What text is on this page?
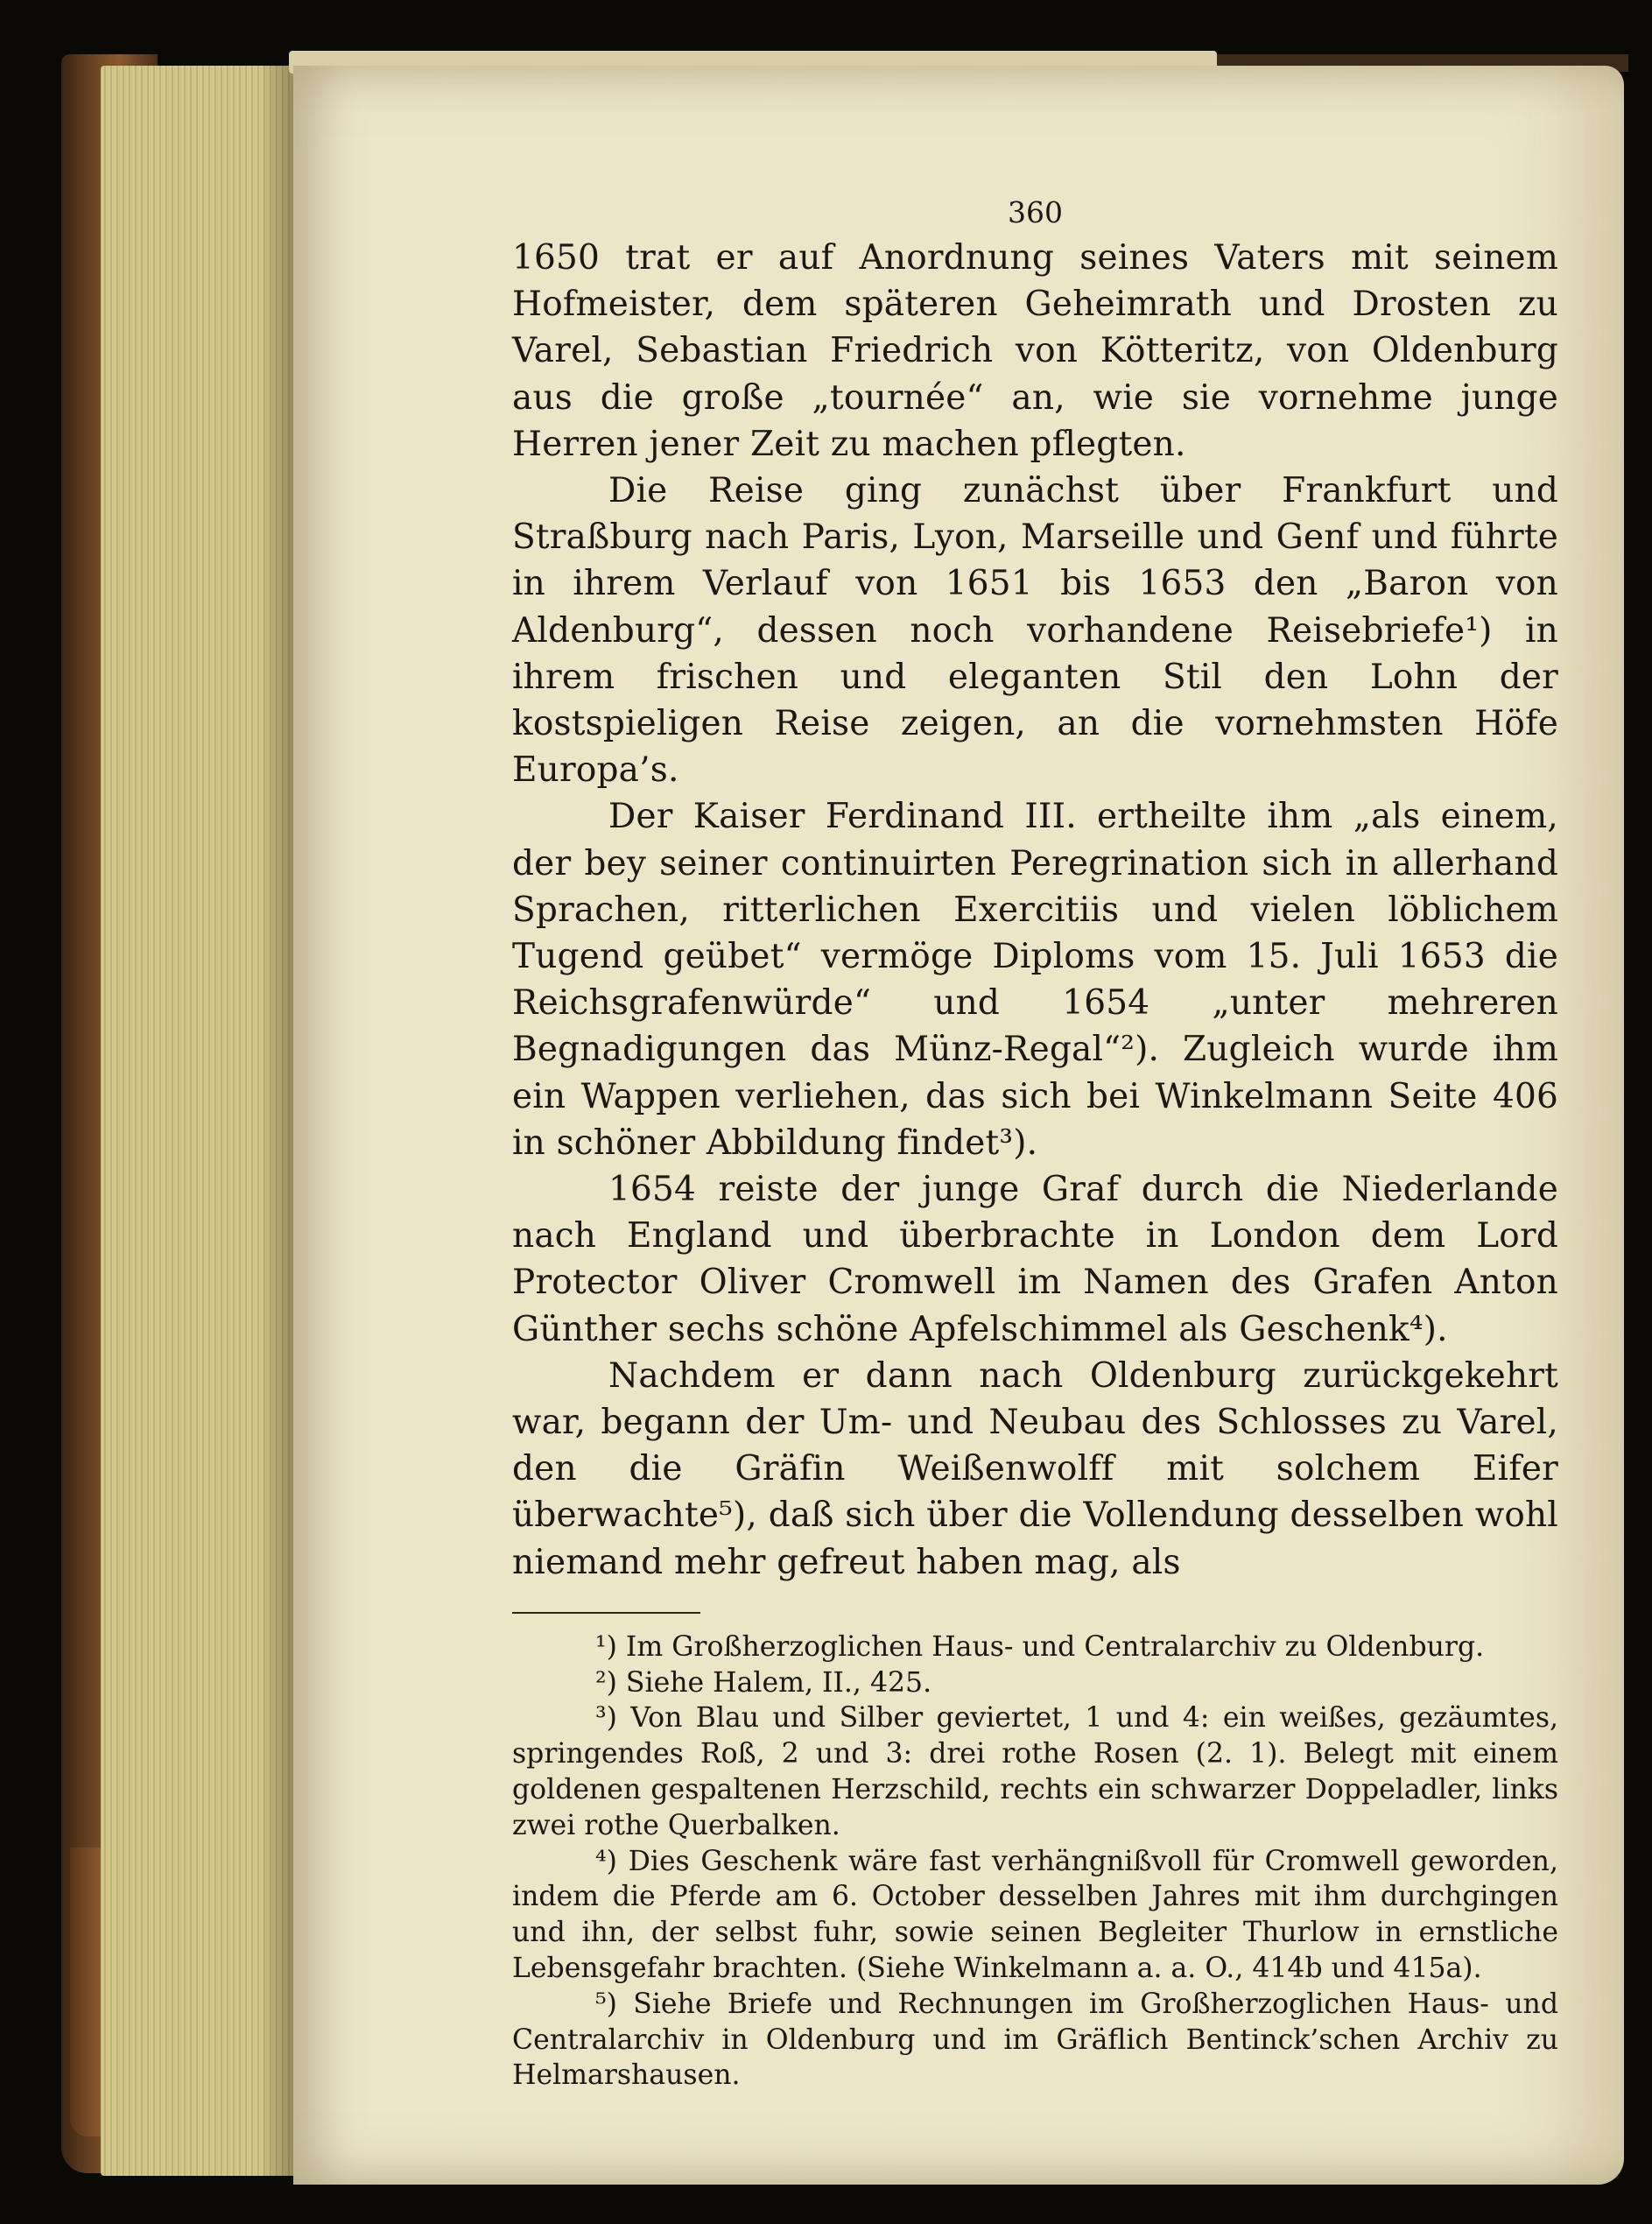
360

1650 trat er auf Anordnung seines Vaters mit seinem Hofmeister, dem späteren Geheimrath und Drosten zu Varel, Sebastian Friedrich von Kötteritz, von Oldenburg aus die große „tournée“ an, wie sie vornehme junge Herren jener Zeit zu machen pflegten.

Die Reise ging zunächst über Frankfurt und Straßburg nach Paris, Lyon, Marseille und Genf und führte in ihrem Verlauf von 1651 bis 1653 den „Baron von Aldenburg“, dessen noch vorhandene Reisebriefe¹) in ihrem frischen und eleganten Stil den Lohn der kostspieligen Reise zeigen, an die vornehmsten Höfe Europa’s.

Der Kaiser Ferdinand III. ertheilte ihm „als einem, der bey seiner continuirten Peregrination sich in allerhand Sprachen, ritterlichen Exercitiis und vielen löblichem Tugend geübet“ vermöge Diploms vom 15. Juli 1653 die Reichsgrafenwürde“ und 1654 „unter mehreren Begnadigungen das Münz-Regal“²). Zugleich wurde ihm ein Wappen verliehen, das sich bei Winkelmann Seite 406 in schöner Abbildung findet³).

1654 reiste der junge Graf durch die Niederlande nach England und überbrachte in London dem Lord Protector Oliver Cromwell im Namen des Grafen Anton Günther sechs schöne Apfelschimmel als Geschenk⁴).

Nachdem er dann nach Oldenburg zurückgekehrt war, begann der Um- und Neubau des Schlosses zu Varel, den die Gräfin Weißenwolff mit solchem Eifer überwachte⁵), daß sich über die Vollendung desselben wohl niemand mehr gefreut haben mag, als

¹) Im Großherzoglichen Haus- und Centralarchiv zu Oldenburg.

²) Siehe Halem, II., 425.

³) Von Blau und Silber geviertet, 1 und 4: ein weißes, gezäumtes, springendes Roß, 2 und 3: drei rothe Rosen (2. 1). Belegt mit einem goldenen gespaltenen Herzschild, rechts ein schwarzer Doppeladler, links zwei rothe Querbalken.

⁴) Dies Geschenk wäre fast verhängnißvoll für Cromwell geworden, indem die Pferde am 6. October desselben Jahres mit ihm durchgingen und ihn, der selbst fuhr, sowie seinen Begleiter Thurlow in ernstliche Lebensgefahr brachten. (Siehe Winkelmann a. a. O., 414b und 415a).

⁵) Siehe Briefe und Rechnungen im Großherzoglichen Haus- und Centralarchiv in Oldenburg und im Gräflich Bentinck’schen Archiv zu Helmarshausen.
